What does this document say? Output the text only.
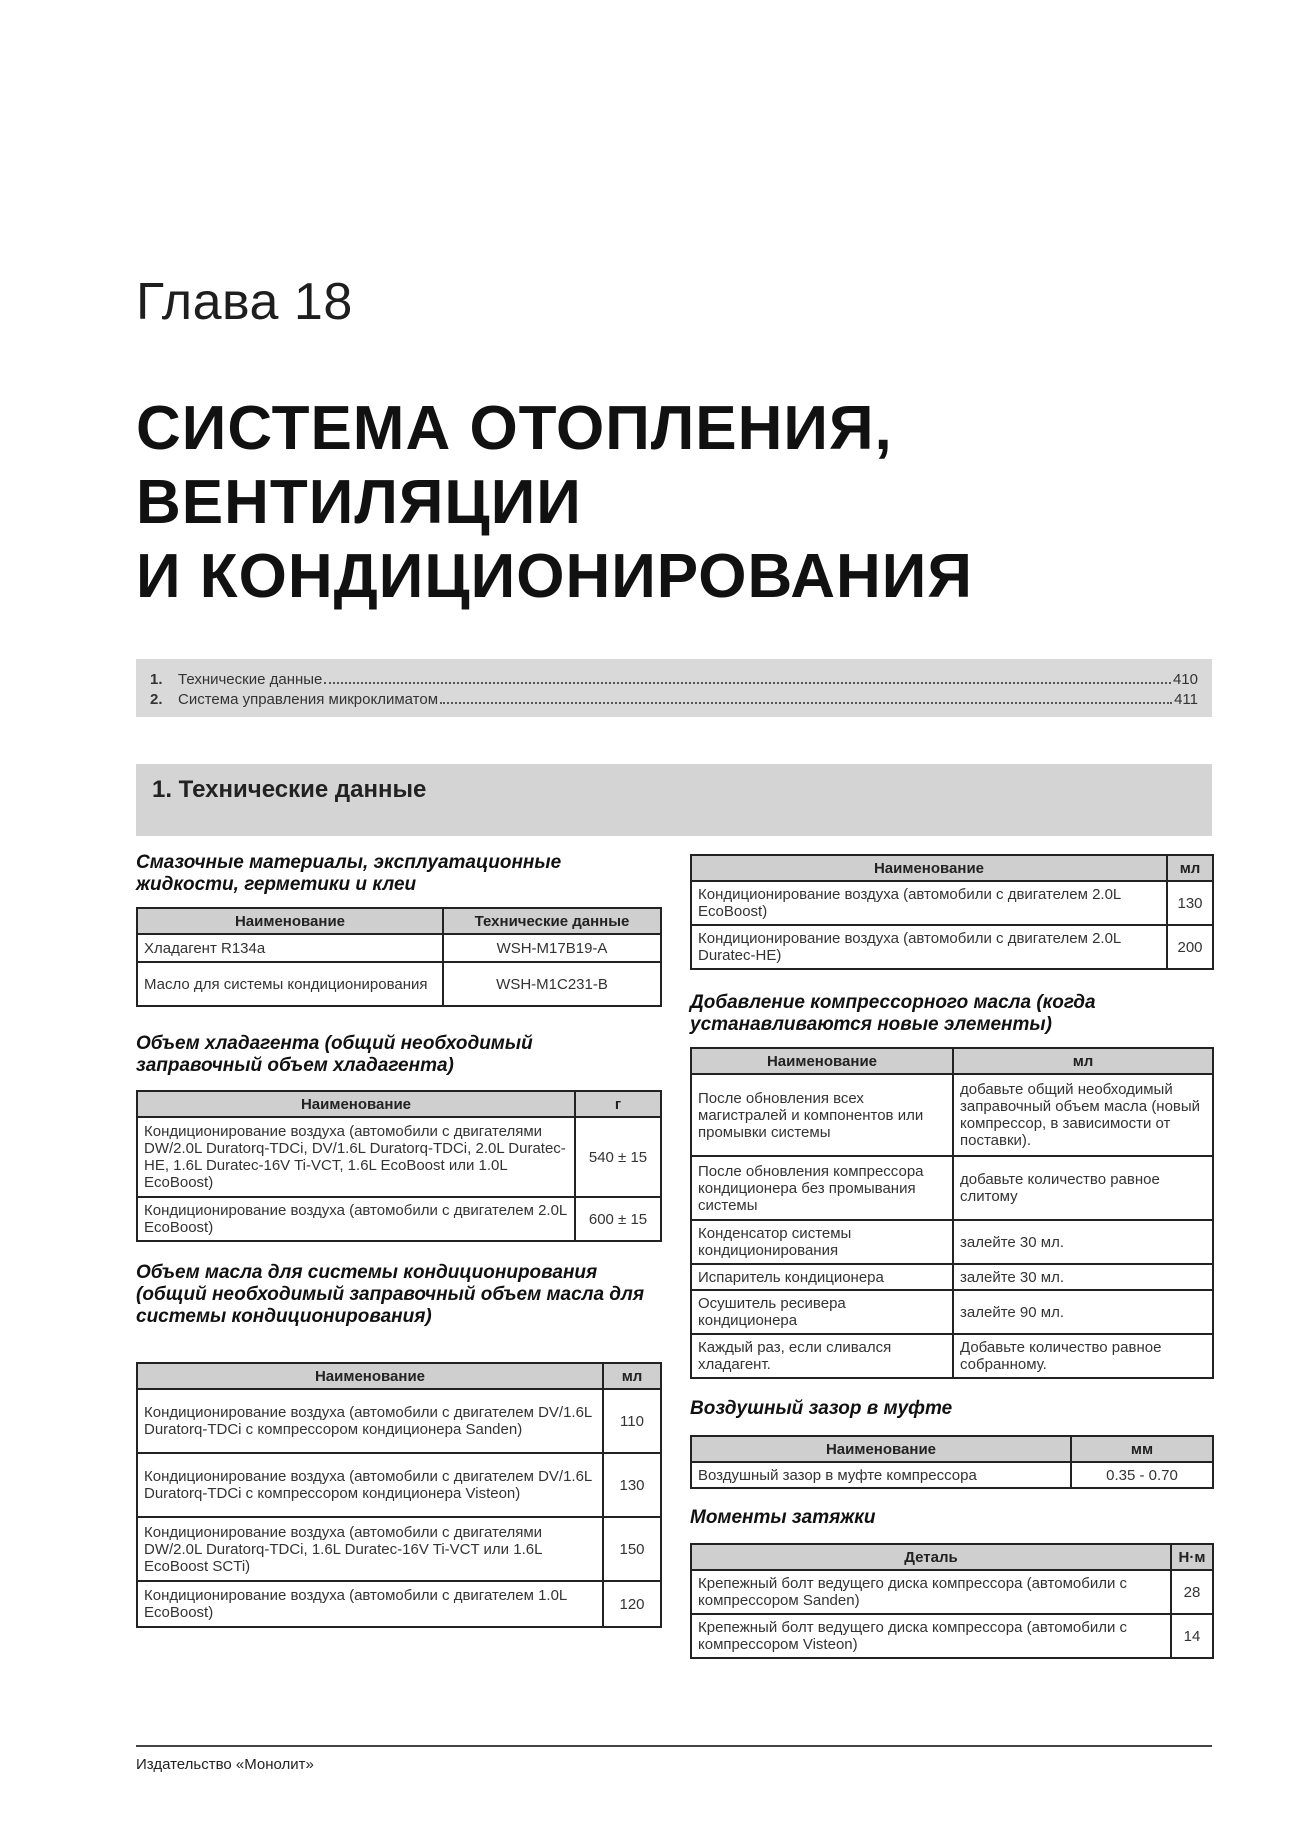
Глава 18
СИСТЕМА ОТОПЛЕНИЯ,
ВЕНТИЛЯЦИИ
И КОНДИЦИОНИРОВАНИЯ
1. Технические данные	410
2. Система управления микроклиматом	411
1. Технические данные
Смазочные материалы, эксплуатационные жидкости, герметики и клеи
Наименование	Технические данные
Хладагент R134a	WSH-M17B19-A
Масло для системы кондиционирования	WSH-M1C231-B
Объем хладагента (общий необходимый заправочный объем хладагента)
Наименование	г
Кондиционирование воздуха (автомобили с двигателями DW/2.0L Duratorq-TDCi, DV/1.6L Duratorq-TDCi, 2.0L Duratec-HE, 1.6L Duratec-16V Ti-VCT, 1.6L EcoBoost или 1.0L EcoBoost)	540 ± 15
Кондиционирование воздуха (автомобили с двигателем 2.0L EcoBoost)	600 ± 15
Объем масла для системы кондиционирования (общий необходимый заправочный объем масла для системы кондиционирования)
Наименование	мл
Кондиционирование воздуха (автомобили с двигателем DV/1.6L Duratorq-TDCi с компрессором кондиционера Sanden)	110
Кондиционирование воздуха (автомобили с двигателем DV/1.6L Duratorq-TDCi с компрессором кондиционера Visteon)	130
Кондиционирование воздуха (автомобили с двигателями DW/2.0L Duratorq-TDCi, 1.6L Duratec-16V Ti-VCT или 1.6L EcoBoost SCTi)	150
Кондиционирование воздуха (автомобили с двигателем 1.0L EcoBoost)	120
Наименование	мл
Кондиционирование воздуха (автомобили с двигателем 2.0L EcoBoost)	130
Кондиционирование воздуха (автомобили с двигателем 2.0L Duratec-HE)	200
Добавление компрессорного масла (когда устанавливаются новые элементы)
Наименование	мл
После обновления всех магистралей и компонентов или промывки системы	добавьте общий необходимый заправочный объем масла (новый компрессор, в зависимости от поставки).
После обновления компрессора кондиционера без промывания системы	добавьте количество равное слитому
Конденсатор системы кондиционирования	залейте 30 мл.
Испаритель кондиционера	залейте 30 мл.
Осушитель ресивера кондиционера	залейте 90 мл.
Каждый раз, если сливался хладагент.	Добавьте количество равное собранному.
Воздушный зазор в муфте
Наименование	мм
Воздушный зазор в муфте компрессора	0.35 - 0.70
Моменты затяжки
Деталь	Н·м
Крепежный болт ведущего диска компрессора (автомобили с компрессором Sanden)	28
Крепежный болт ведущего диска компрессора (автомобили с компрессором Visteon)	14
Издательство «Монолит»
